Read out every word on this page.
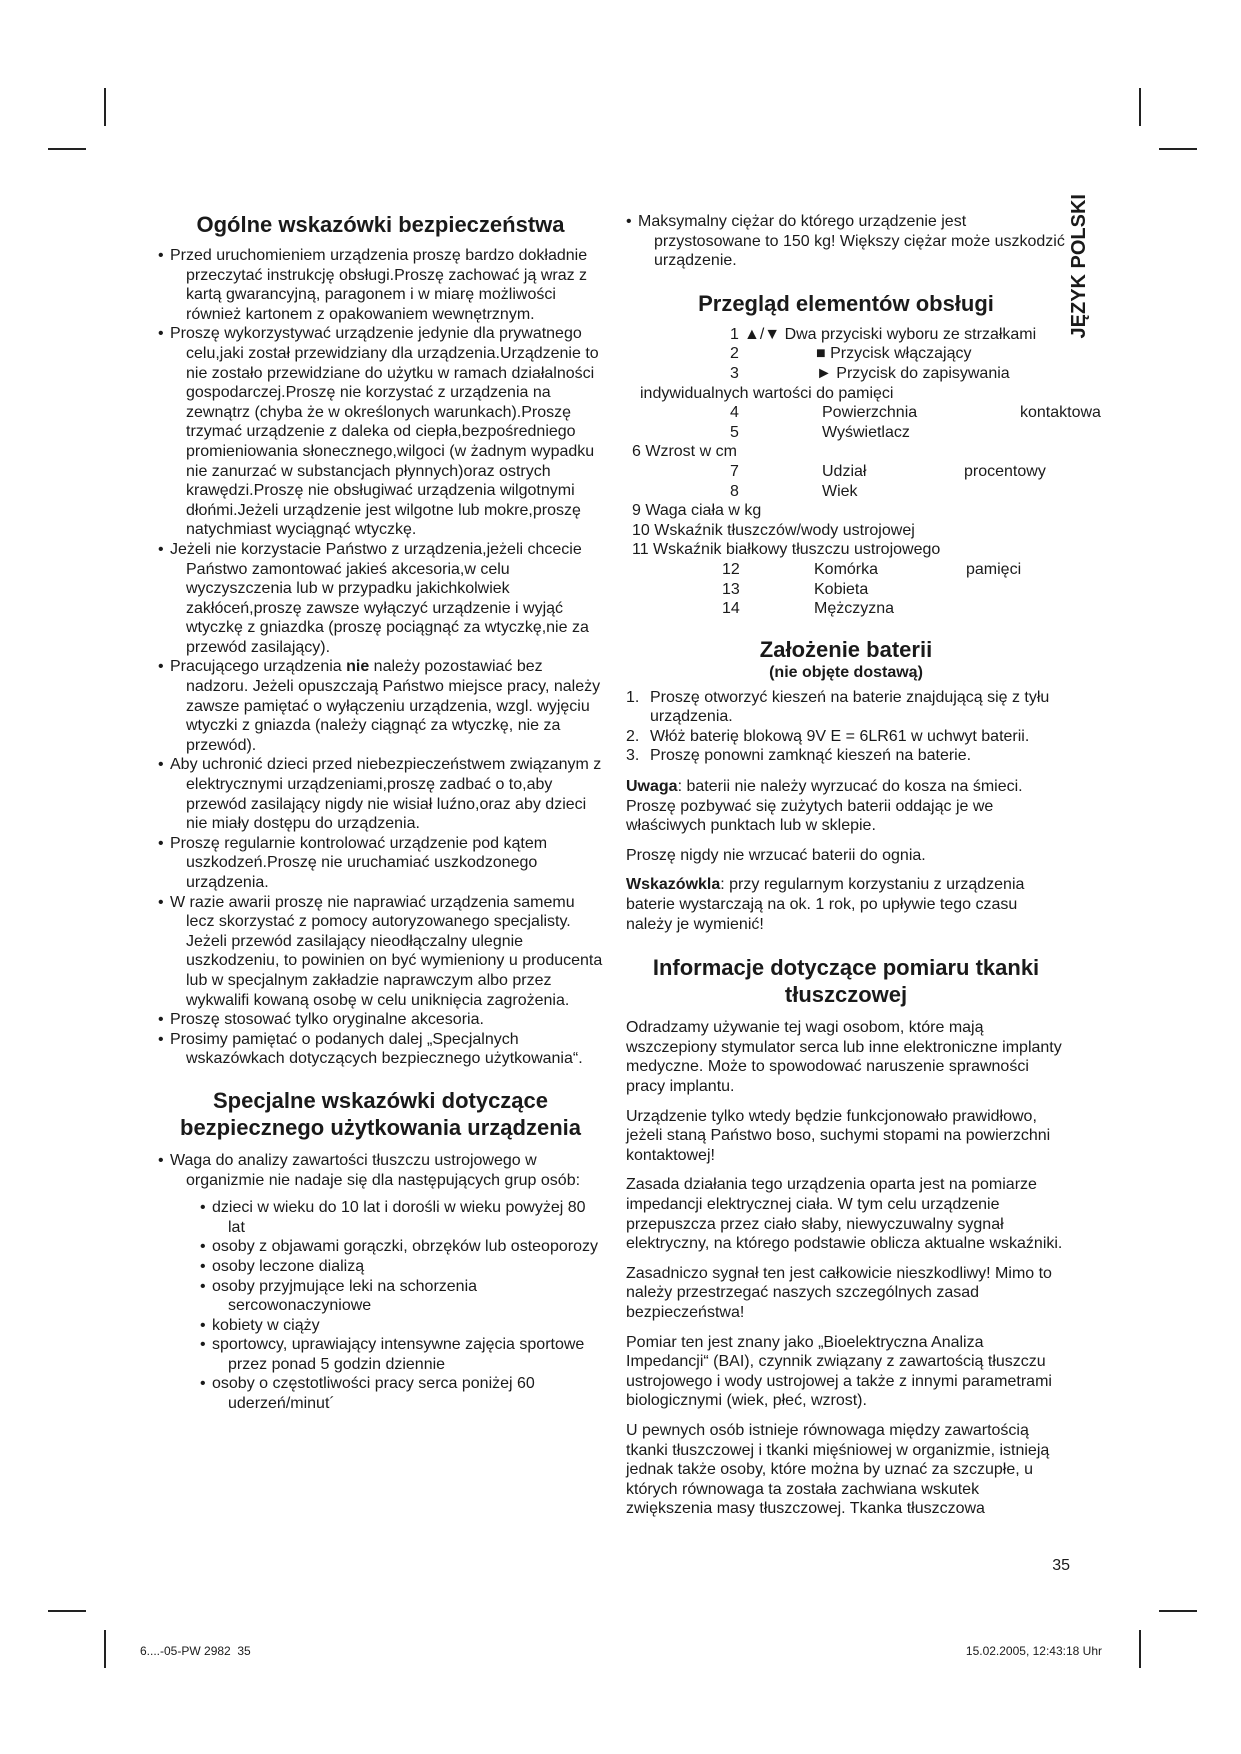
JĘZYK POLSKI
Ogólne wskazówki bezpieczeństwa
• Przed uruchomieniem urządzenia proszę bardzo dokładnie przeczytać instrukcję obsługi.Proszę zachować ją wraz z kartą gwarancyjną, paragonem i w miarę możliwości również kartonem z opakowaniem wewnętrznym.
• Proszę wykorzystywać urządzenie jedynie dla prywatnego celu,jaki został przewidziany dla urządzenia.Urządzenie to nie zostało przewidziane do użytku w ramach działalności gospodarczej.Proszę nie korzystać z urządzenia na zewnątrz (chyba że w określonych warunkach).Proszę trzymać urządzenie z daleka od ciepła,bezpośredniego promieniowania słonecznego,wilgoci (w żadnym wypadku nie zanurzać w substancjach płynnych)oraz ostrych krawędzi.Proszę nie obsługiwać urządzenia wilgotnymi dłońmi.Jeżeli urządzenie jest wilgotne lub mokre,proszę natychmiast wyciągnąć wtyczkę.
• Jeżeli nie korzystacie Państwo z urządzenia,jeżeli chcecie Państwo zamontować jakieś akcesoria,w celu wyczyszczenia lub w przypadku jakichkolwiek zakłóceń,proszę zawsze wyłączyć urządzenie i wyjąć wtyczkę z gniazdka (proszę pociągnąć za wtyczkę,nie za przewód zasilający).
• Pracującego urządzenia nie należy pozostawiać bez nadzoru. Jeżeli opuszczają Państwo miejsce pracy, należy zawsze pamiętać o wyłączeniu urządzenia, wzgl. wyjęciu wtyczki z gniazda (należy ciągnąć za wtyczkę, nie za przewód).
• Aby uchronić dzieci przed niebezpieczeństwem związanym z elektrycznymi urządzeniami,proszę zadbać o to,aby przewód zasilający nigdy nie wisiał luźno,oraz aby dzieci nie miały dostępu do urządzenia.
• Proszę regularnie kontrolować urządzenie pod kątem uszkodzeń.Proszę nie uruchamiać uszkodzonego urządzenia.
• W razie awarii proszę nie naprawiać urządzenia samemu lecz skorzystać z pomocy autoryzowanego specjalisty. Jeżeli przewód zasilający nieodłączalny ulegnie uszkodzeniu, to powinien on być wymieniony u producenta lub w specjalnym zakładzie naprawczym albo przez wykwalifi kowaną osobę w celu uniknięcia zagrożenia.
• Proszę stosować tylko oryginalne akcesoria.
• Prosimy pamiętać o podanych dalej „Specjalnych wskazówkach dotyczących bezpiecznego użytkowania“.
Specjalne wskazówki dotyczące bezpiecznego użytkowania urządzenia
• Waga do analizy zawartości tłuszczu ustrojowego w organizmie nie nadaje się dla następujących grup osób:
• dzieci w wieku do 10 lat i dorośli w wieku powyżej 80 lat
• osoby z objawami gorączki, obrzęków lub osteoporozy
• osoby leczone dializą
• osoby przyjmujące leki na schorzenia sercowonaczyniowe
• kobiety w ciąży
• sportowcy, uprawiający intensywne zajęcia sportowe przez ponad 5 godzin dziennie
• osoby o częstotliwości pracy serca poniżej 60 uderzeń/minut´
• Maksymalny ciężar do którego urządzenie jest przystosowane to 150 kg! Większy ciężar może uszkodzić urządzenie.
Przegląd elementów obsługi
1 ▲/▼ Dwa przyciski wyboru ze strzałkami
2	■ Przycisk włączający
3	► Przycisk do zapisywania
indywidualnych wartości do pamięci
4	Powierzchnia	kontaktowa
5	Wyświetlacz
6 Wzrost w cm
7	Udział	procentowy
8	Wiek
9 Waga ciała w kg
10 Wskaźnik tłuszczów/wody ustrojowej
11 Wskaźnik białkowy tłuszczu ustrojowego
12	Komórka	pamięci
13	Kobieta
14	Mężczyzna
Założenie baterii

(nie objęte dostawą)

1. Proszę otworzyć kieszeń na baterie znajdującą się z tyłu urządzenia.
2. Włóż baterię blokową 9V E = 6LR61 w uchwyt baterii.
3. Proszę ponowni zamknąć kieszeń na baterie.

Uwaga: baterii nie należy wyrzucać do kosza na śmieci. Proszę pozbywać się zużytych baterii oddając je we właściwych punktach lub w sklepie.

Proszę nigdy nie wrzucać baterii do ognia.

Wskazówkla: przy regularnym korzystaniu z urządzenia baterie wystarczają na ok. 1 rok, po upływie tego czasu należy je wymienić!

Informacje dotyczące pomiaru tkanki tłuszczowej

Odradzamy używanie tej wagi osobom, które mają wszczepiony stymulator serca lub inne elektroniczne implanty medyczne. Może to spowodować naruszenie sprawności pracy implantu.

Urządzenie tylko wtedy będzie funkcjonowało prawidłowo, jeżeli staną Państwo boso, suchymi stopami na powierzchni kontaktowej!

Zasada działania tego urządzenia oparta jest na pomiarze impedancji elektrycznej ciała. W tym celu urządzenie przepuszcza przez ciało słaby, niewyczuwalny sygnał elektryczny, na którego podstawie oblicza aktualne wskaźniki.

Zasadniczo sygnał ten jest całkowicie nieszkodliwy! Mimo to należy przestrzegać naszych szczególnych zasad bezpieczeństwa!

Pomiar ten jest znany jako „Bioelektryczna Analiza Impedancji“ (BAI), czynnik związany z zawartością tłuszczu ustrojowego i wody ustrojowej a także z innymi parametrami biologicznymi (wiek, płeć, wzrost).

U pewnych osób istnieje równowaga między zawartością tkanki tłuszczowej i tkanki mięśniowej w organizmie, istnieją jednak także osoby, które można by uznać za szczupłe, u których równowaga ta została zachwiana wskutek zwiększenia masy tłuszczowej. Tkanka tłuszczowa

35
6....-05-PW 2982  35	15.02.2005, 12:43:18 Uhr
